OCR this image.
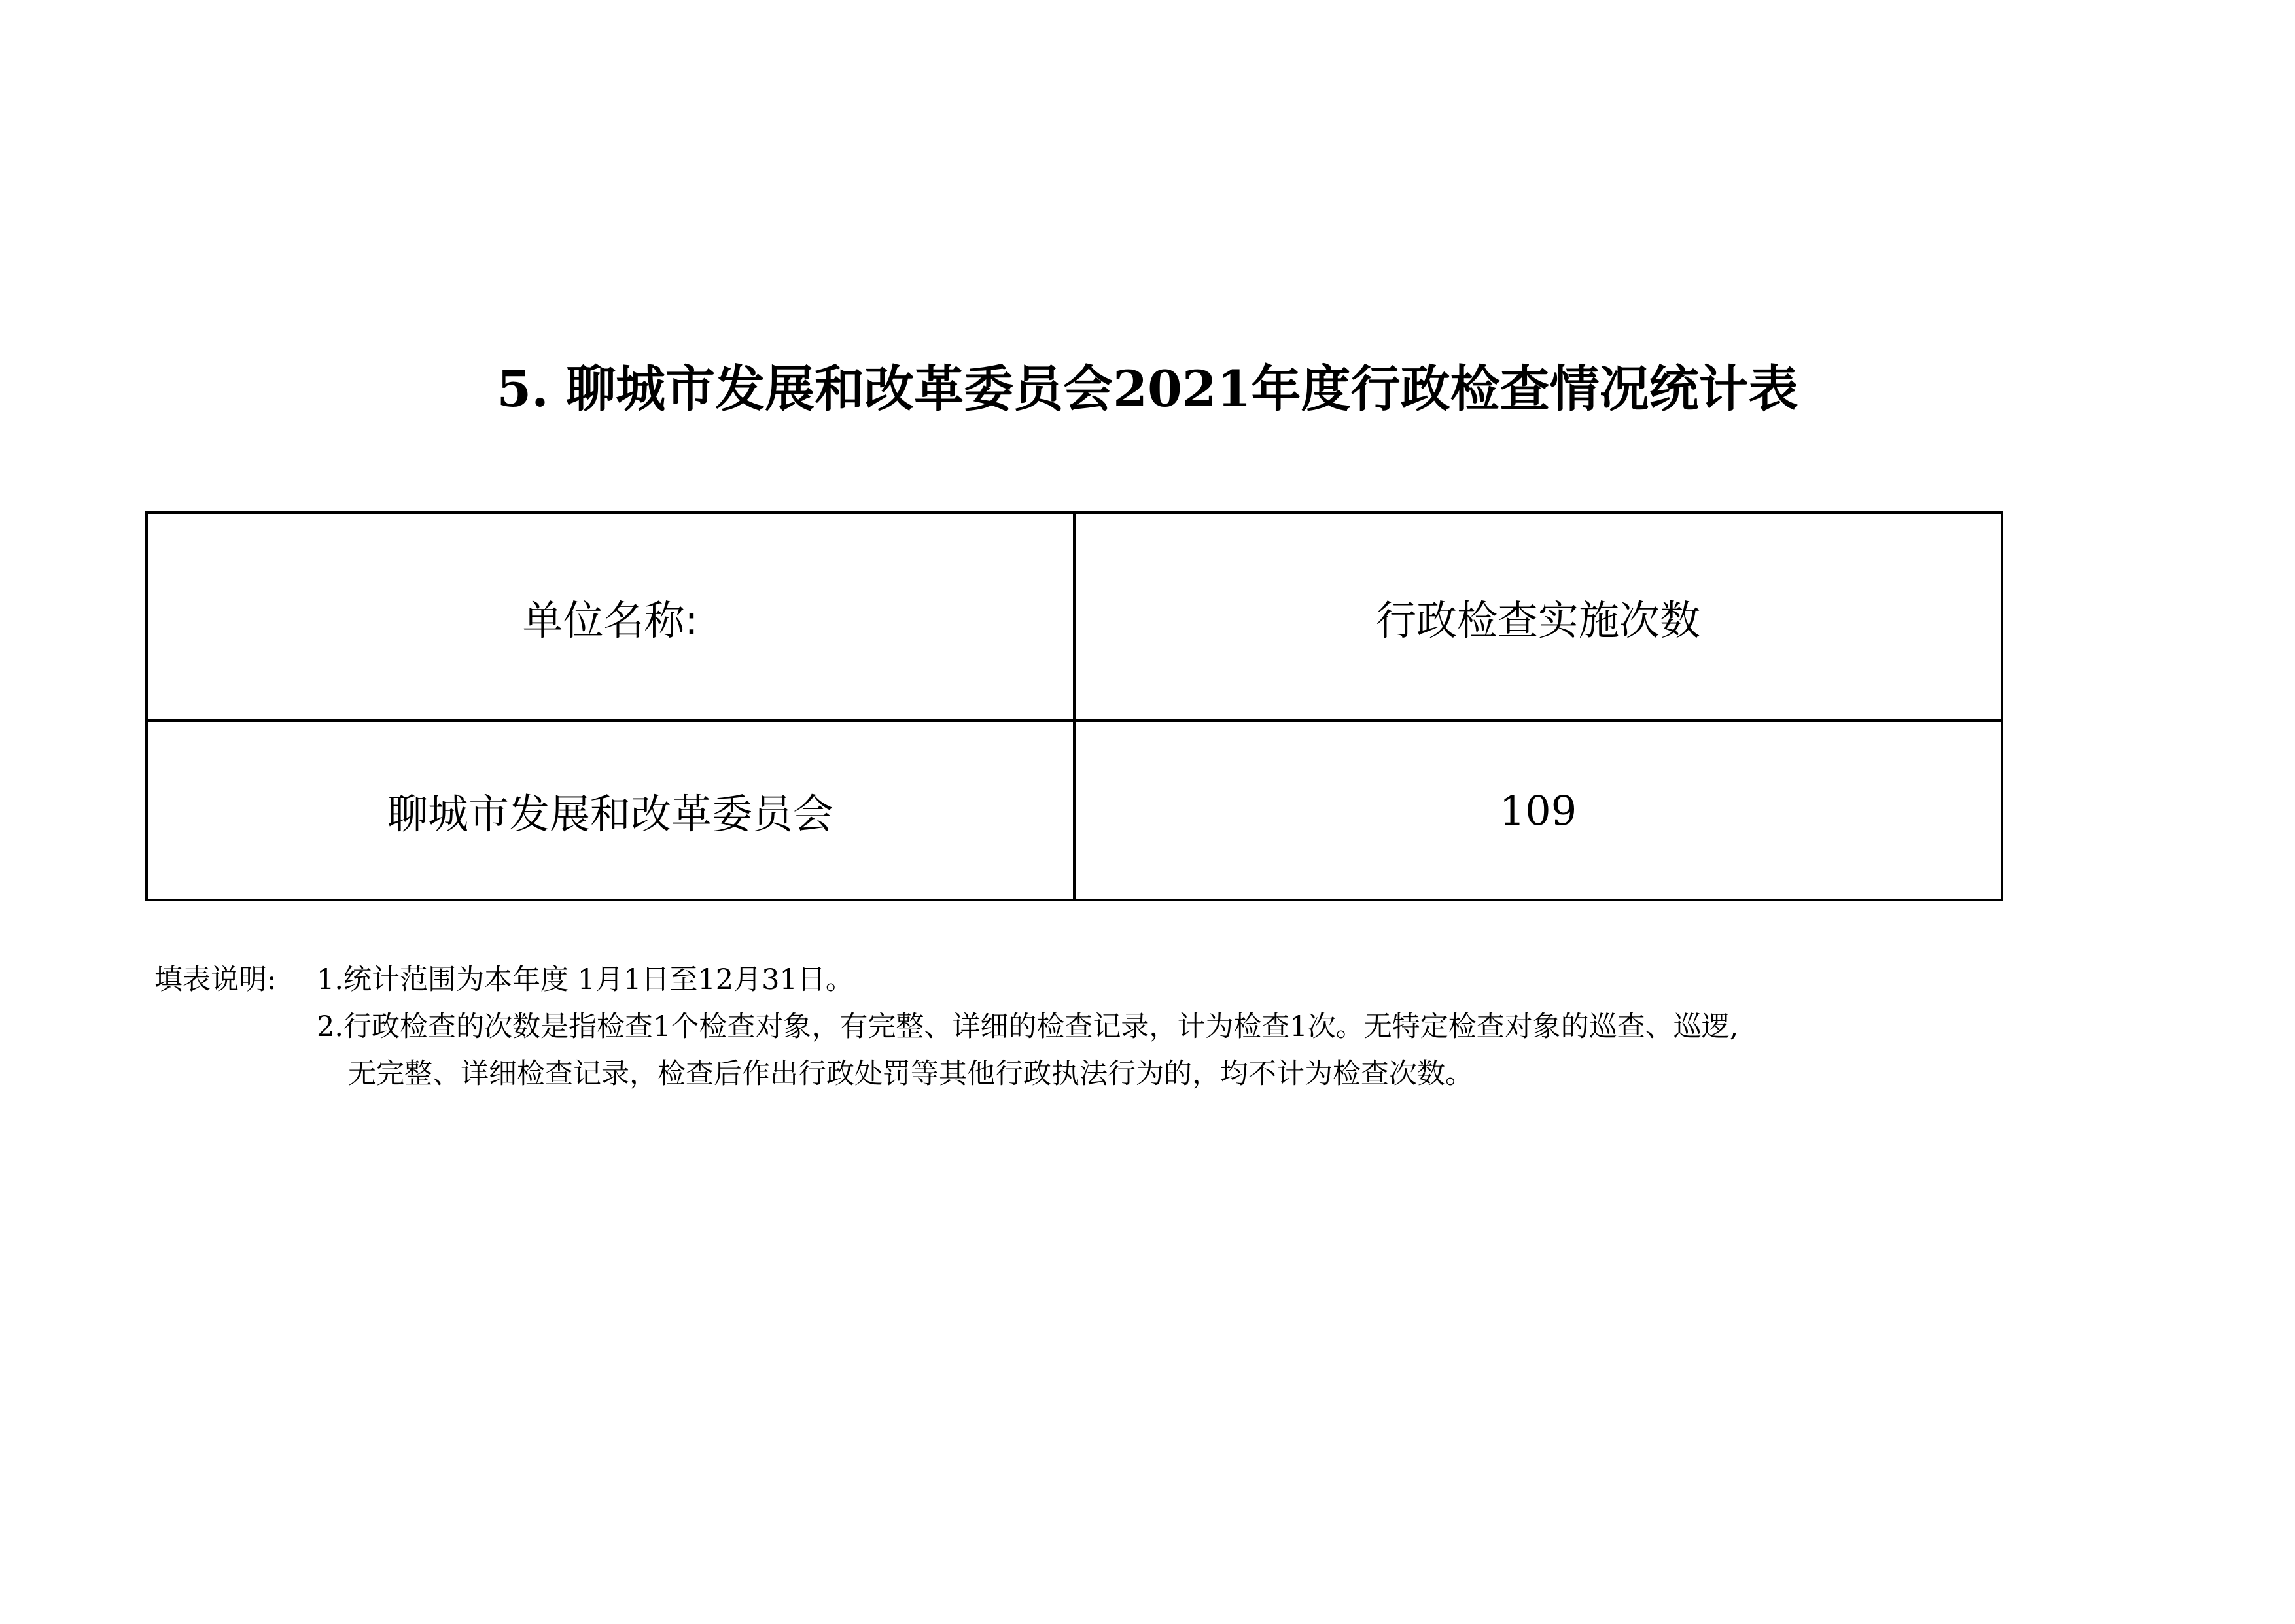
5. 聊城市发展和改革委员会2021年度行政检查情况统计表
单位名称:	行政检查实施次数
聊城市发展和改革委员会	109
填表说明: 1.统计范围为本年度 1月1日至12月31日。
2.行政检查的次数是指检查1个检查对象，有完整、详细的检查记录，计为检查1次。无特定检查对象的巡查、巡逻,
无完整、详细检查记录，检查后作出行政处罚等其他行政执法行为的，均不计为检查次数。
